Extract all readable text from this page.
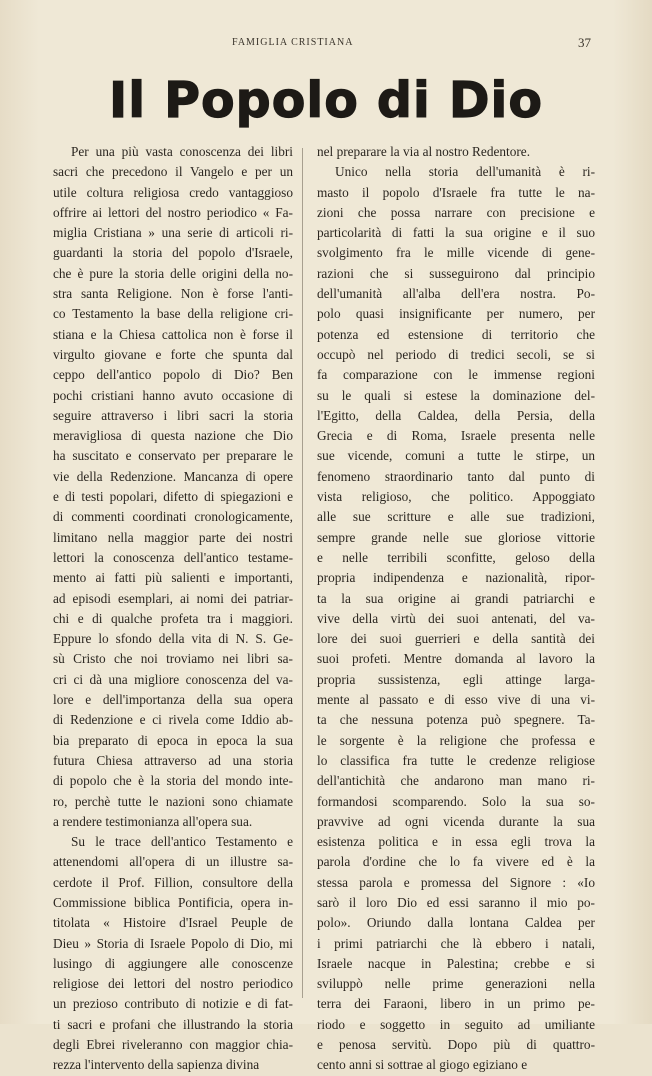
FAMIGLIA CRISTIANA	37
Il Popolo di Dio

Per una più vasta conoscenza dei libri

sacri che precedono il Vangelo e per un

utile coltura religiosa credo vantaggioso

offrire ai lettori del nostro periodico « Fa-

miglia Cristiana » una serie di articoli ri-

guardanti la storia del popolo d'Israele,

che è pure la storia delle origini della no-

stra santa Religione. Non è forse l'anti-

co Testamento la base della religione cri-

stiana e la Chiesa cattolica non è forse il

virgulto giovane e forte che spunta dal

ceppo dell'antico popolo di Dio? Ben

pochi cristiani hanno avuto occasione di

seguire attraverso i libri sacri la storia

meravigliosa di questa nazione che Dio

ha suscitato e conservato per preparare le

vie della Redenzione. Mancanza di opere

e di testi popolari, difetto di spiegazioni e

di commenti coordinati cronologicamente,

limitano nella maggior parte dei nostri

lettori la conoscenza dell'antico testame-

mento ai fatti più salienti e importanti,

ad episodi esemplari, ai nomi dei patriar-

chi e di qualche profeta tra i maggiori.

Eppure lo sfondo della vita di N. S. Ge-

sù Cristo che noi troviamo nei libri sa-

cri ci dà una migliore conoscenza del va-

lore e dell'importanza della sua opera

di Redenzione e ci rivela come Iddio ab-

bia preparato di epoca in epoca la sua

futura Chiesa attraverso ad una storia

di popolo che è la storia del mondo inte-

ro, perchè tutte le nazioni sono chiamate

a rendere testimonianza all'opera sua.

Su le trace dell'antico Testamento e

attenendomi all'opera di un illustre sa-

cerdote il Prof. Fillion, consultore della

Commissione biblica Pontificia, opera in-

titolata « Histoire d'Israel Peuple de

Dieu » Storia di Israele Popolo di Dio, mi

lusingo di aggiungere alle conoscenze

religiose dei lettori del nostro periodico

un prezioso contributo di notizie e di fat-

ti sacri e profani che illustrando la storia

degli Ebrei riveleranno con maggior chia-

rezza l'intervento della sapienza divina

nel preparare la via al nostro Redentore.

Unico nella storia dell'umanità è ri-

masto il popolo d'Israele fra tutte le na-

zioni che possa narrare con precisione e

particolarità di fatti la sua origine e il suo

svolgimento fra le mille vicende di gene-

razioni che si susseguirono dal principio

dell'umanità all'alba dell'era nostra. Po-

polo quasi insignificante per numero, per

potenza ed estensione di territorio che

occupò nel periodo di tredici secoli, se si

fa comparazione con le immense regioni

su le quali si estese la dominazione del-

l'Egitto, della Caldea, della Persia, della

Grecia e di Roma, Israele presenta nelle

sue vicende, comuni a tutte le stirpe, un

fenomeno straordinario tanto dal punto di

vista religioso, che politico. Appoggiato

alle sue scritture e alle sue tradizioni,

sempre grande nelle sue gloriose vittorie

e nelle terribili sconfitte, geloso della

propria indipendenza e nazionalità, ripor-

ta la sua origine ai grandi patriarchi e

vive della virtù dei suoi antenati, del va-

lore dei suoi guerrieri e della santità dei

suoi profeti. Mentre domanda al lavoro la

propria sussistenza, egli attinge larga-

mente al passato e di esso vive di una vi-

ta che nessuna potenza può spegnere. Ta-

le sorgente è la religione che professa e

lo classifica fra tutte le credenze religiose

dell'antichità che andarono man mano ri-

formandosi scomparendo. Solo la sua so-

pravvive ad ogni vicenda durante la sua

esistenza politica e in essa egli trova la

parola d'ordine che lo fa vivere ed è la

stessa parola e promessa del Signore : «Io

sarò il loro Dio ed essi saranno il mio po-

polo». Oriundo dalla lontana Caldea per

i primi patriarchi che là ebbero i natali,

Israele nacque in Palestina; crebbe e si

sviluppò nelle prime generazioni nella

terra dei Faraoni, libero in un primo pe-

riodo e soggetto in seguito ad umiliante

e penosa servitù. Dopo più di quattro-

cento anni si sottrae al giogo egiziano e
